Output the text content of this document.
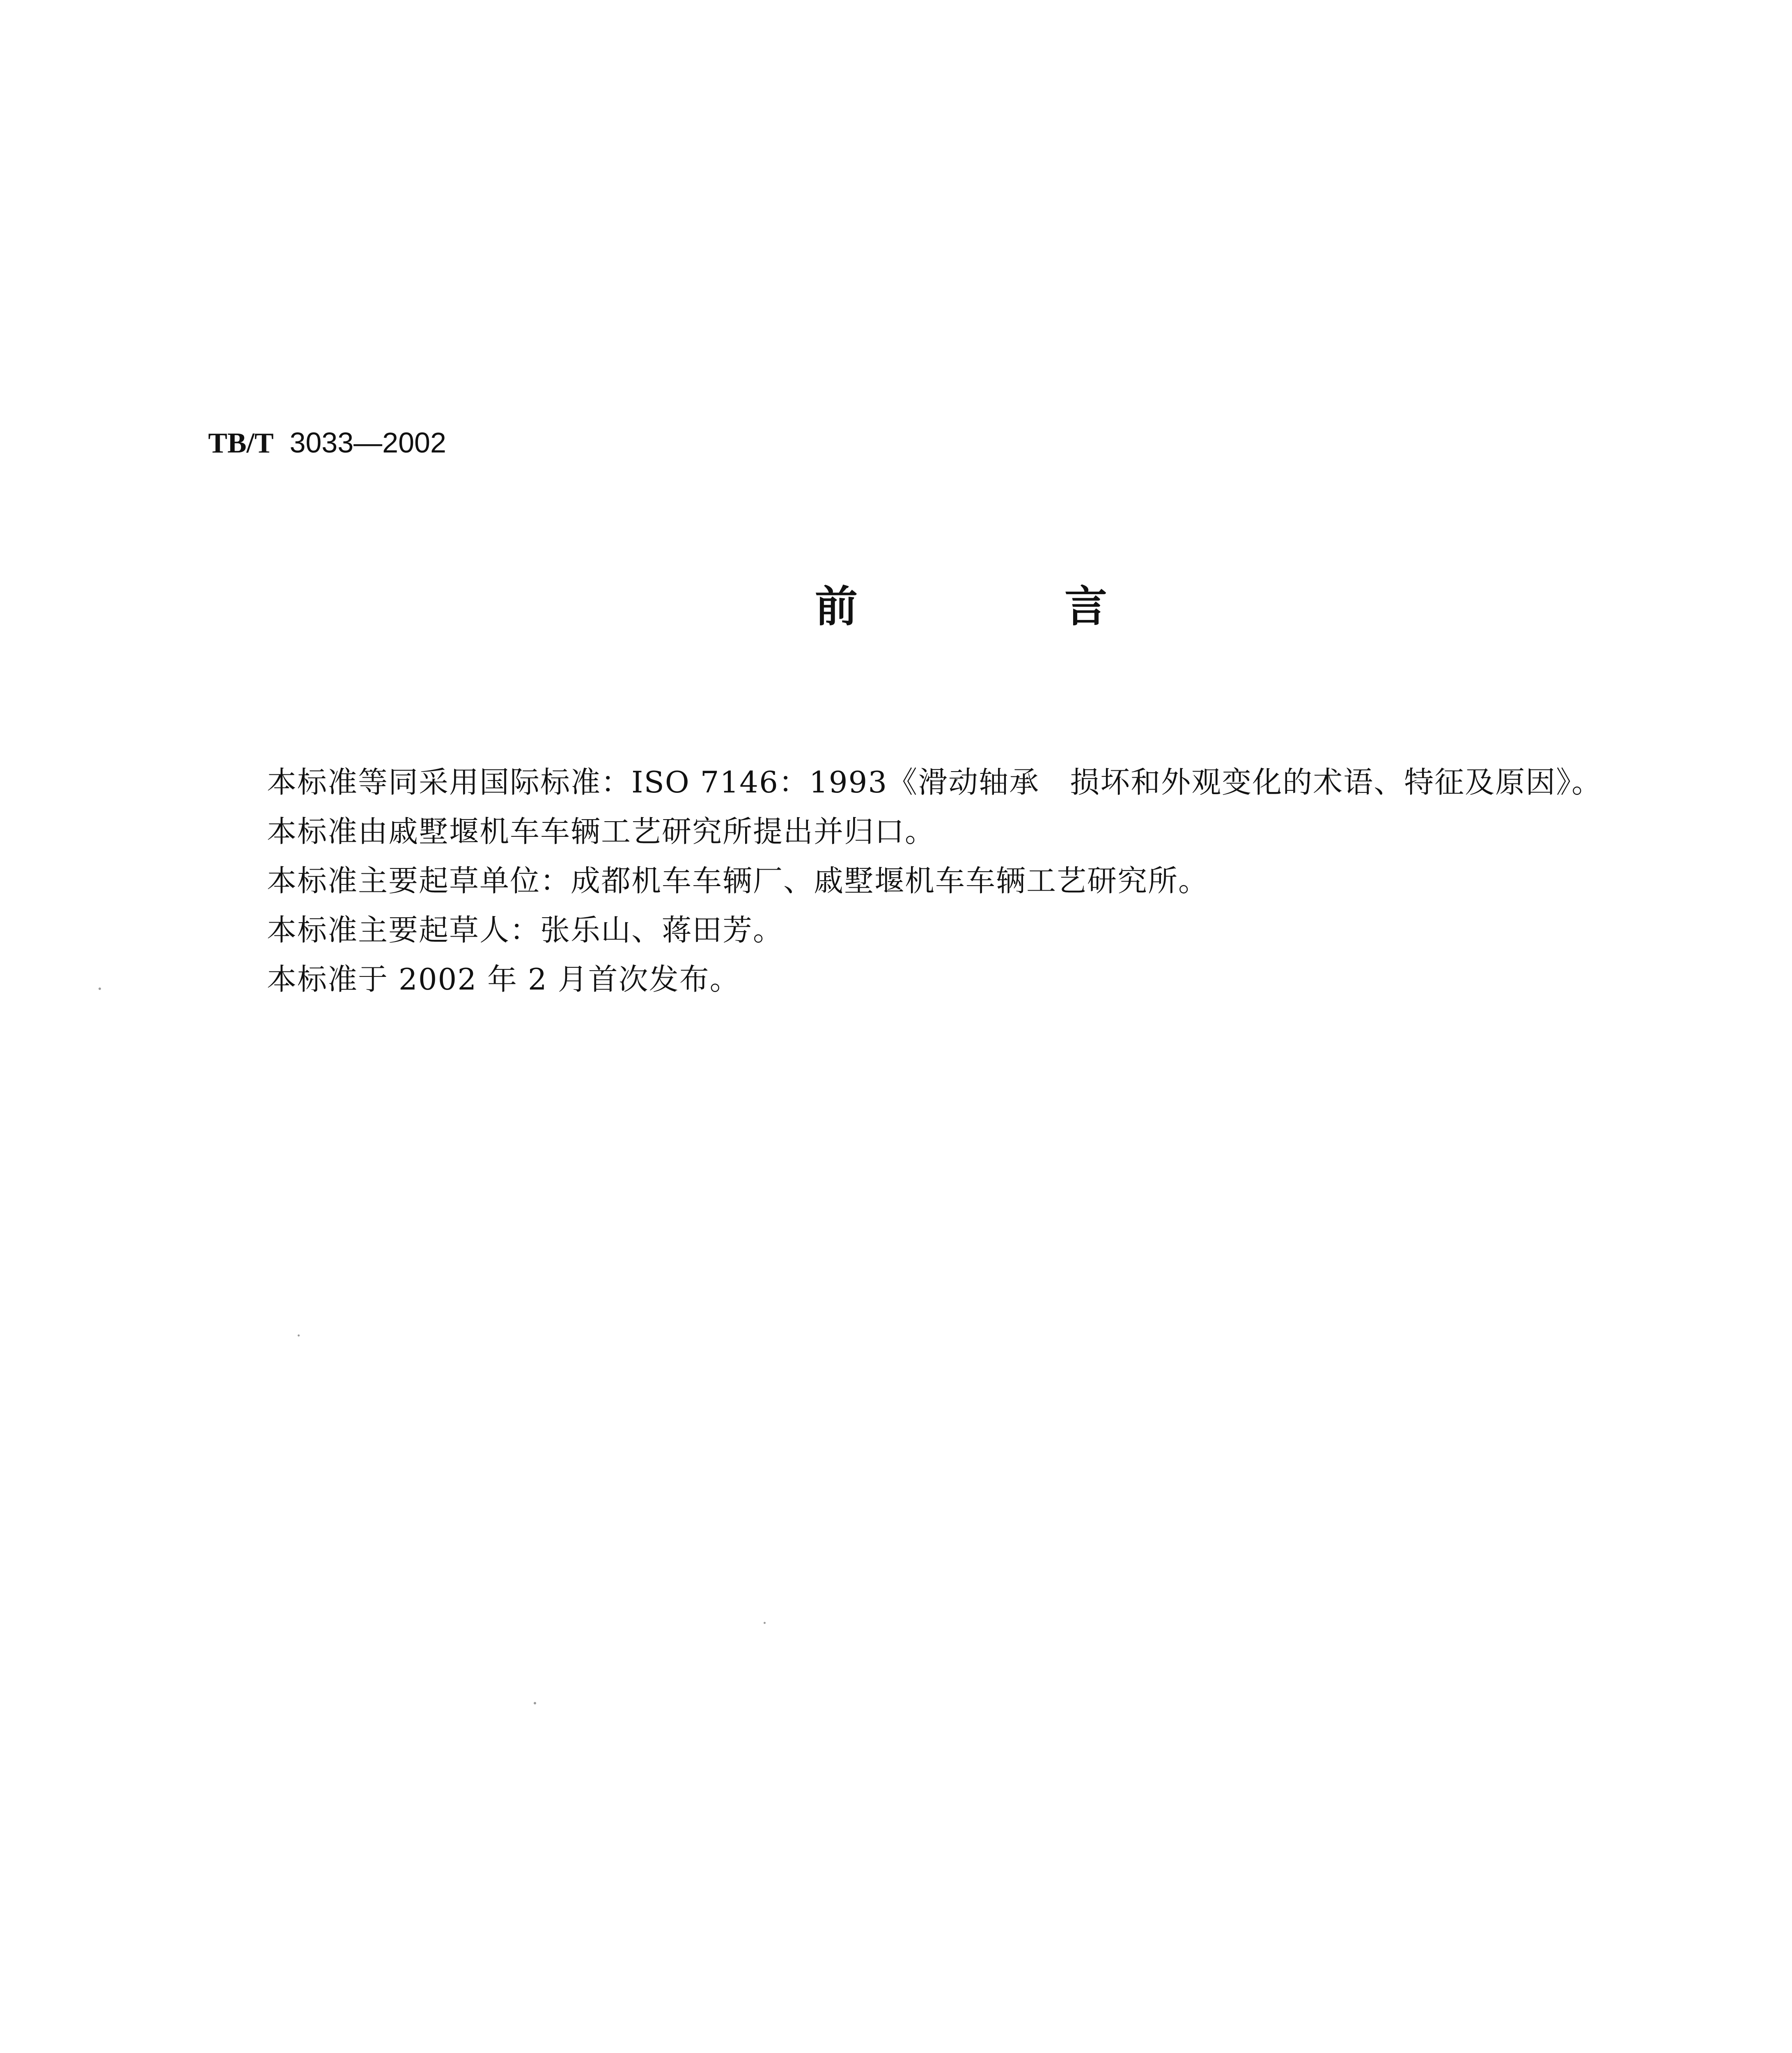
TB/T 3033—2002
前　言

本标准等同采用国际标准：ISO 7146：1993《滑动轴承　损坏和外观变化的术语、特征及原因》。

本标准由戚墅堰机车车辆工艺研究所提出并归口。

本标准主要起草单位：成都机车车辆厂、戚墅堰机车车辆工艺研究所。

本标准主要起草人：张乐山、蒋田芳。

本标准于 2002 年 2 月首次发布。
